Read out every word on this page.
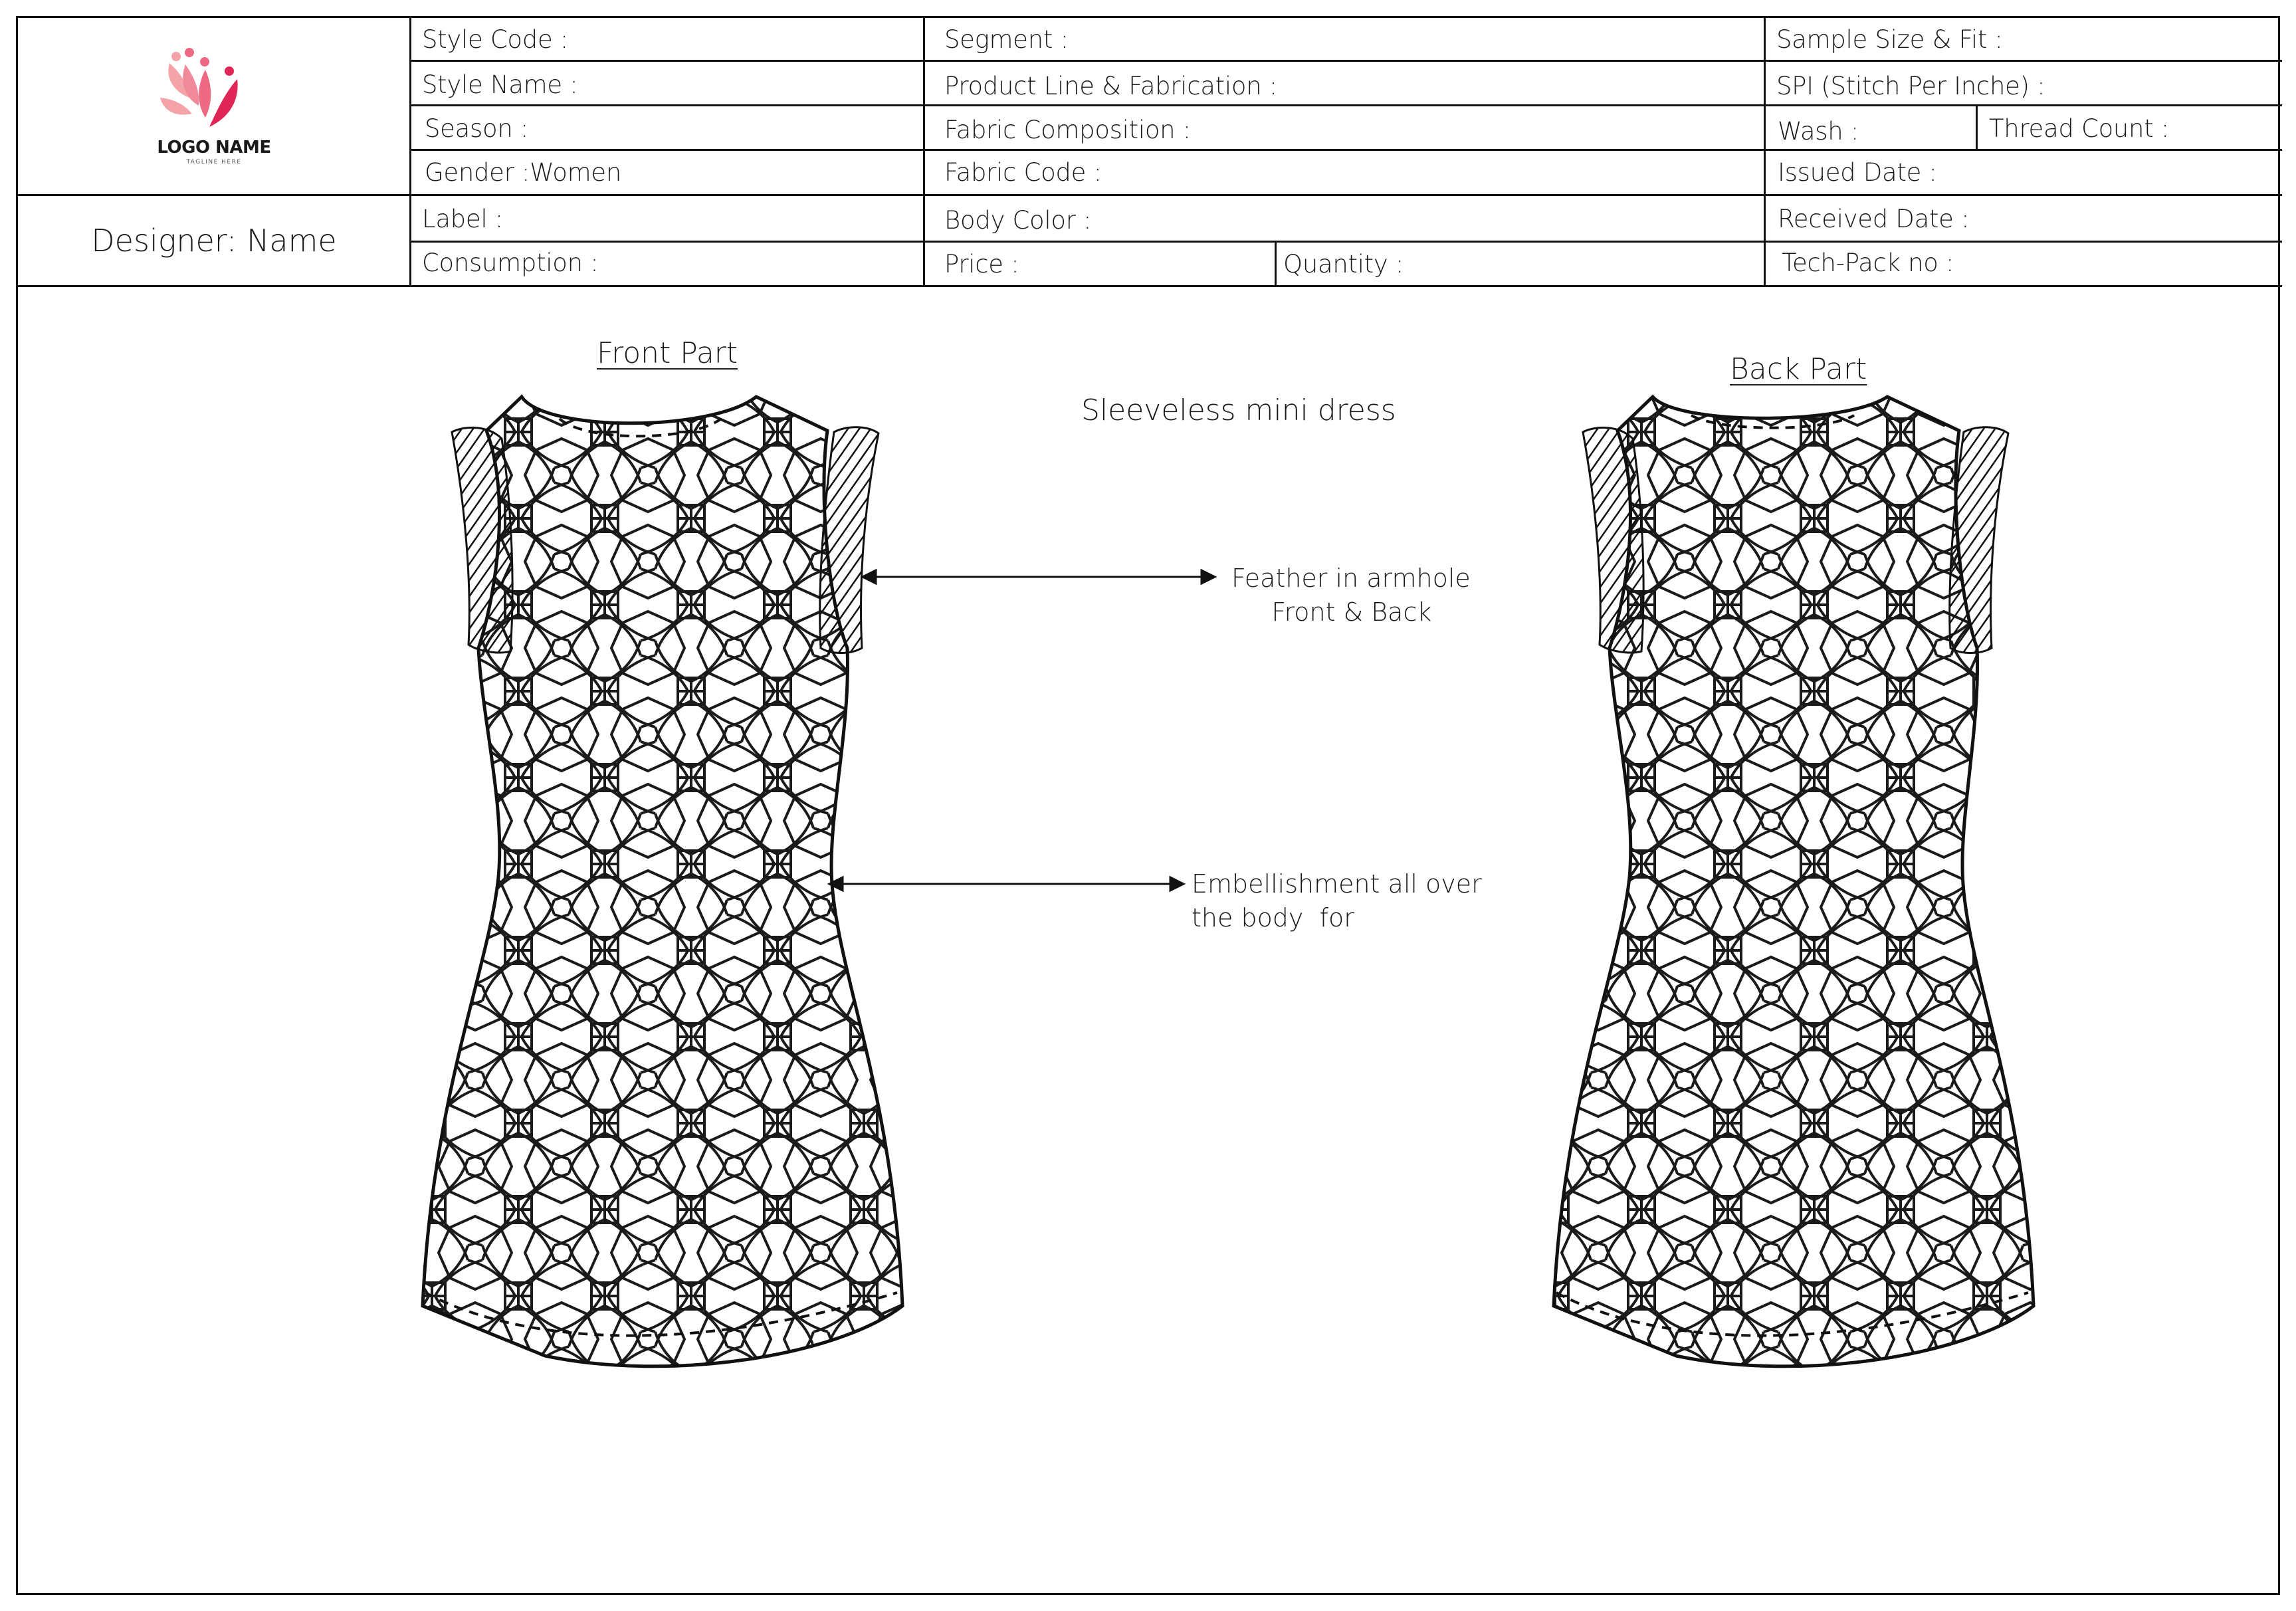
LOGO NAME
TAGLINE HERE
Designer: Name
Style Code :	Segment :	Sample Size & Fit :
Style Name :	Product Line & Fabrication :	SPI (Stitch Per Inche) :
Season :	Fabric Composition :	Wash :	Thread Count :
Gender :Women	Fabric Code :	Issued Date :
Label :	Body Color :	Received Date :
Consumption :	Price :	Quantity :	Tech-Pack no :
Front Part	Back Part
Sleeveless mini dress
Feather in armhole
Front & Back
Embellishment all over
the body  for
